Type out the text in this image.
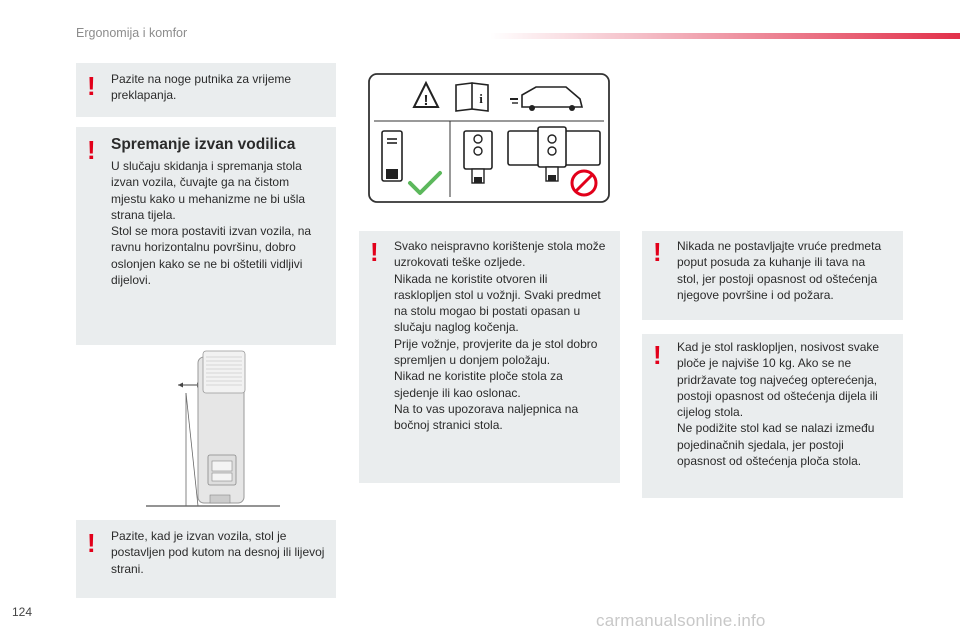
Ergonomija i komfor
! Pazite na noge putnika za vrijeme

preklapanja.

! Spremanje izvan vodilica

U slučaju skidanja i spremanja stola

izvan vozila, čuvajte ga na čistom

mjestu kako u mehanizme ne bi ušla

strana tijela.

Stol se mora postaviti izvan vozila, na

ravnu horizontalnu površinu, dobro

oslonjen kako se ne bi oštetili vidljivi

dijelovi.

! Pazite, kad je izvan vozila, stol je

postavljen pod kutom na desnoj ili lijevoj

strani.

!	i
! Svako neispravno korištenje stola može

uzrokovati teške ozljede.

Nikada ne koristite otvoren ili

rasklopljen stol u vožnji. Svaki predmet

na stolu mogao bi postati opasan u

slučaju naglog kočenja.

Prije vožnje, provjerite da je stol dobro

spremljen u donjem položaju.

Nikad ne koristite ploče stola za

sjedenje ili kao oslonac.

Na to vas upozorava naljepnica na

bočnoj stranici stola.

! Nikada ne postavljajte vruće predmeta

poput posuda za kuhanje ili tava na

stol, jer postoji opasnost od oštećenja

njegove površine i od požara.

! Kad je stol rasklopljen, nosivost svake

ploče je najviše 10 kg. Ako se ne

pridržavate tog najvećeg opterećenja,

postoji opasnost od oštećenja dijela ili

cijelog stola.

Ne podižite stol kad se nalazi između

pojedinačnih sjedala, jer postoji

opasnost od oštećenja ploča stola.

124	carmanualsonline.info
